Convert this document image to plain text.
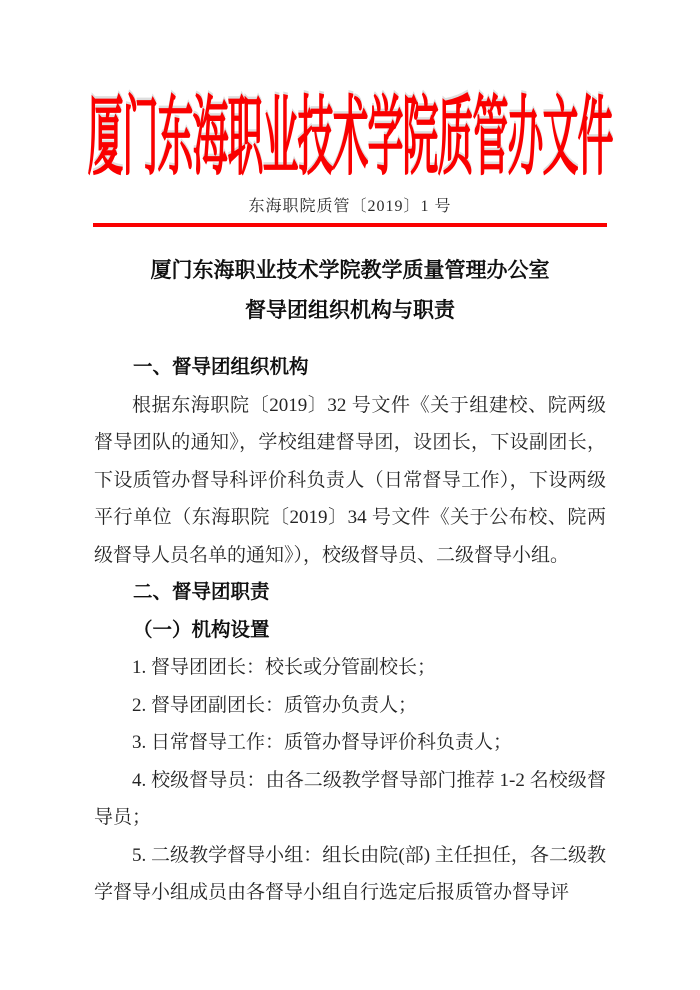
厦门东海职业技术学院质管办文件
东海职院质管〔2019〕1 号
厦门东海职业技术学院教学质量管理办公室
督导团组织机构与职责
一、督导团组织机构

根据东海职院〔2019〕32 号文件《关于组建校、院两级督导团队的通知》，学校组建督导团，设团长，下设副团长，下设质管办督导科评价科负责人（日常督导工作），下设两级平行单位（东海职院〔2019〕34 号文件《关于公布校、院两级督导人员名单的通知》），校级督导员、二级督导小组。

二、督导团职责
（一）机构设置

1. 督导团团长：校长或分管副校长；

2. 督导团副团长：质管办负责人；

3. 日常督导工作：质管办督导评价科负责人；

4. 校级督导员：由各二级教学督导部门推荐 1-2 名校级督导员；

5. 二级教学督导小组：组长由院(部) 主任担任，各二级教学督导小组成员由各督导小组自行选定后报质管办督导评
